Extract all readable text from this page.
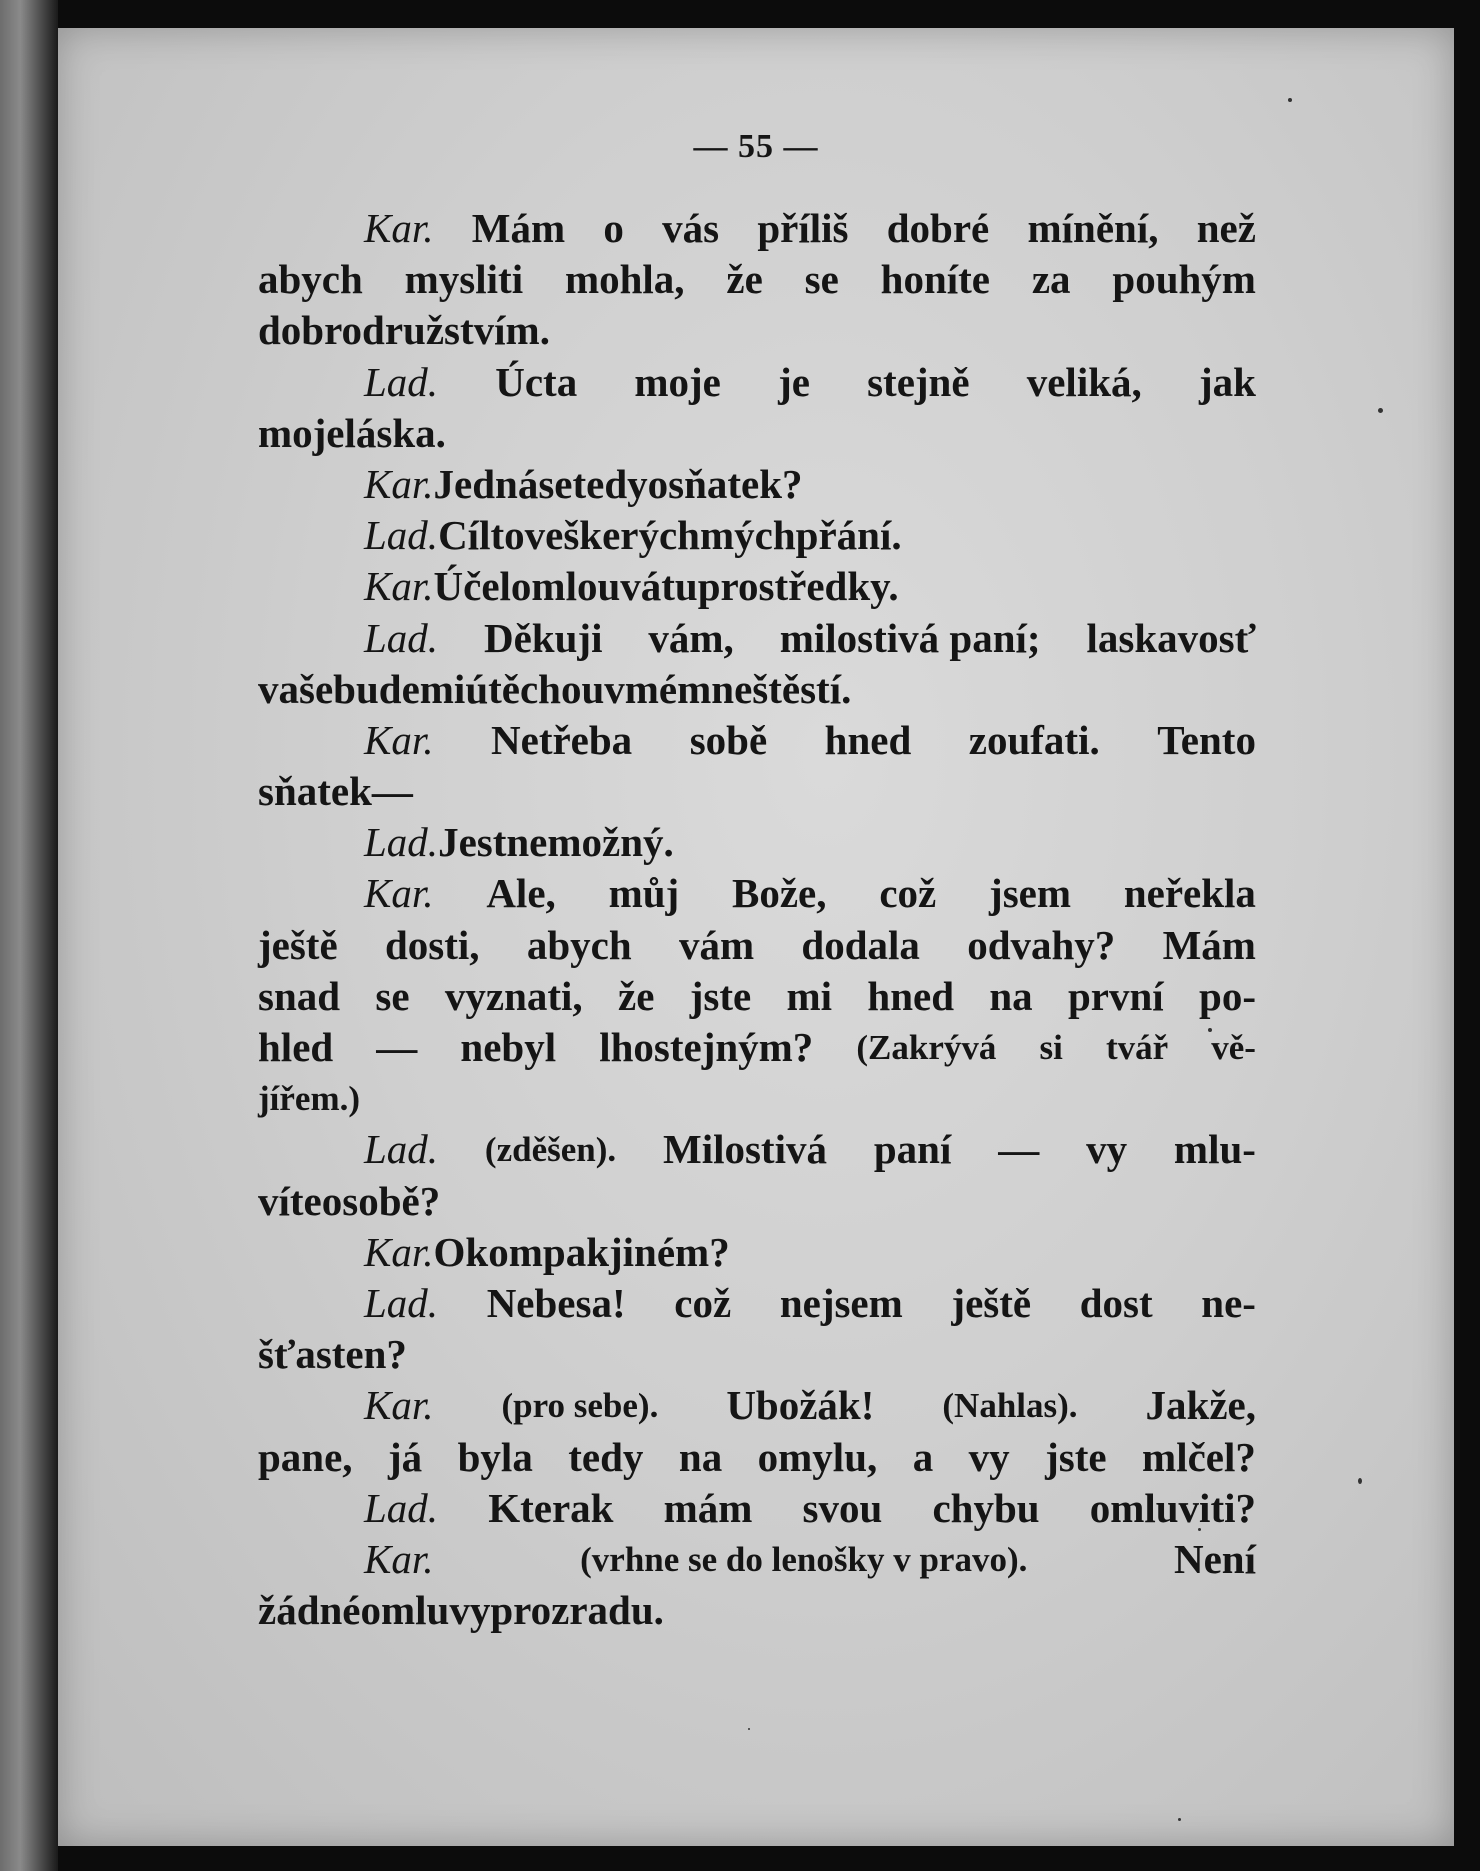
— 55 —
Kar. Mám o vás příliš dobré mínění, než
abych mysliti mohla, že se honíte za pouhým
dobrodružstvím.
Lad. Úcta moje je stejně veliká, jak
moje láska.
Kar. Jedná se tedy o sňatek?
Lad. Cíl to veškerých mých přání.
Kar. Účel omlouvá tu prostředky.
Lad. Děkuji vám, milostivá paní; laskavosť
vaše bude mi útěchou v mém neštěstí.
Kar. Netřeba sobě hned zoufati. Tento
sňatek —
Lad. Jest nemožný.
Kar. Ale, můj Bože, což jsem neřekla
ještě dosti, abych vám dodala odvahy? Mám
snad se vyznati, že jste mi hned na první po-
hled — nebyl lhostejným? (Zakrývá si tvář vě-
jířem.)
Lad. (zděšen). Milostivá paní — vy mlu-
víte o sobě?
Kar. O kom pak jiném?
Lad. Nebesa! což nejsem ještě dost ne-
šťasten?
Kar. (pro sebe). Ubožák! (Nahlas). Jakže,
pane, já byla tedy na omylu, a vy jste mlčel?
Lad. Kterak mám svou chybu omluviti?
Kar.	(vrhne se do lenošky v pravo).	Není
žádné omluvy pro zradu.
